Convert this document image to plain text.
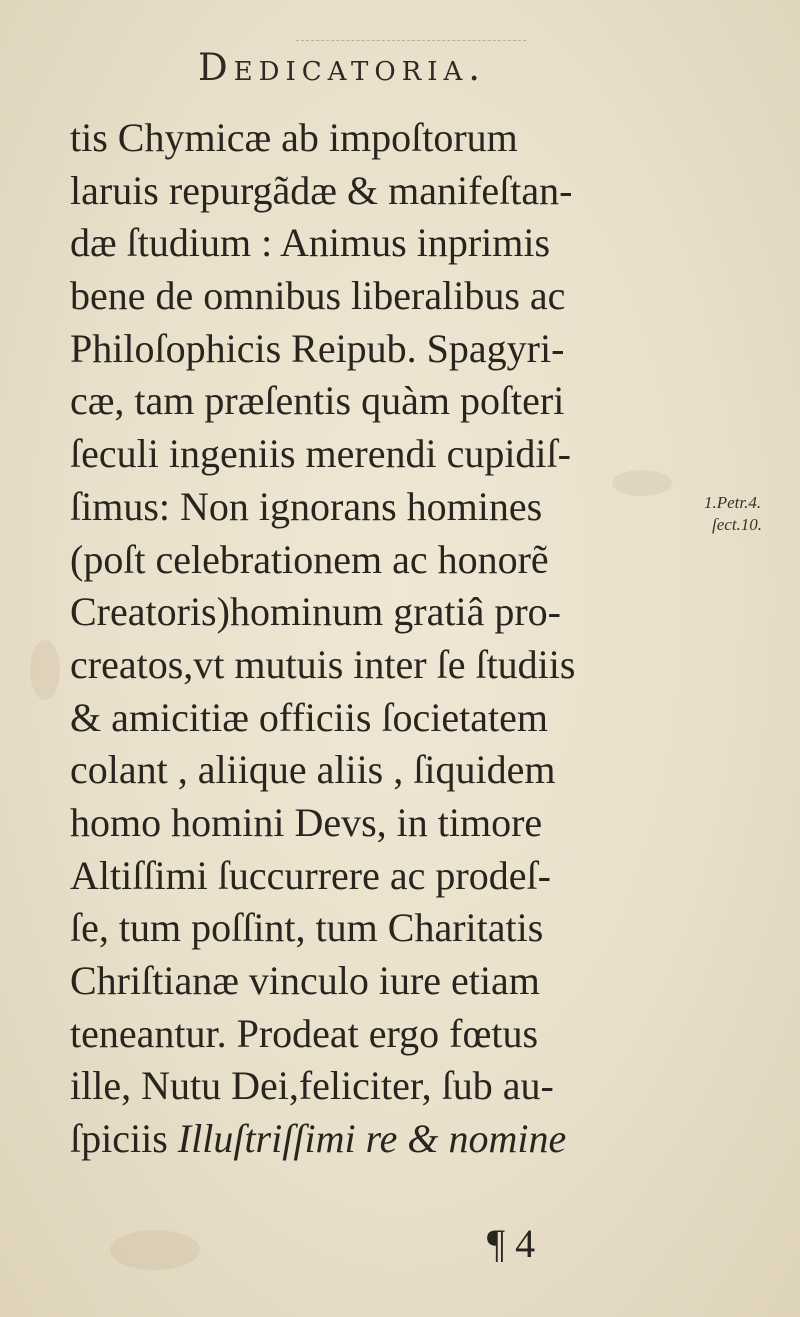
Dedicatoria.
tis Chymicæ ab impoſtorum
laruis repurgãdæ & manifeſtan-
dæ ſtudium : Animus inprimis
bene de omnibus liberalibus ac
Philoſophicis Reipub. Spagyri-
cæ, tam præſentis quàm poſteri
ſeculi ingeniis merendi cupidiſ-
ſimus: Non ignorans homines
(poſt celebrationem ac honorẽ
Creatoris)hominum gratiâ pro-
creatos,vt mutuis inter ſe ſtudiis
& amicitiæ officiis ſocietatem
colant , aliique aliis , ſiquidem
homo homini Devs, in timore
Altiſſimi ſuccurrere ac prodeſ-
ſe, tum poſſint, tum Charitatis
Chriſtianæ vinculo iure etiam
teneantur. Prodeat ergo fœtus
ille, Nutu Dei,feliciter, ſub au-
ſpiciis Illuſtriſſimi re & nomine
1.Petr.4.
ſect.10.
¶ 4
